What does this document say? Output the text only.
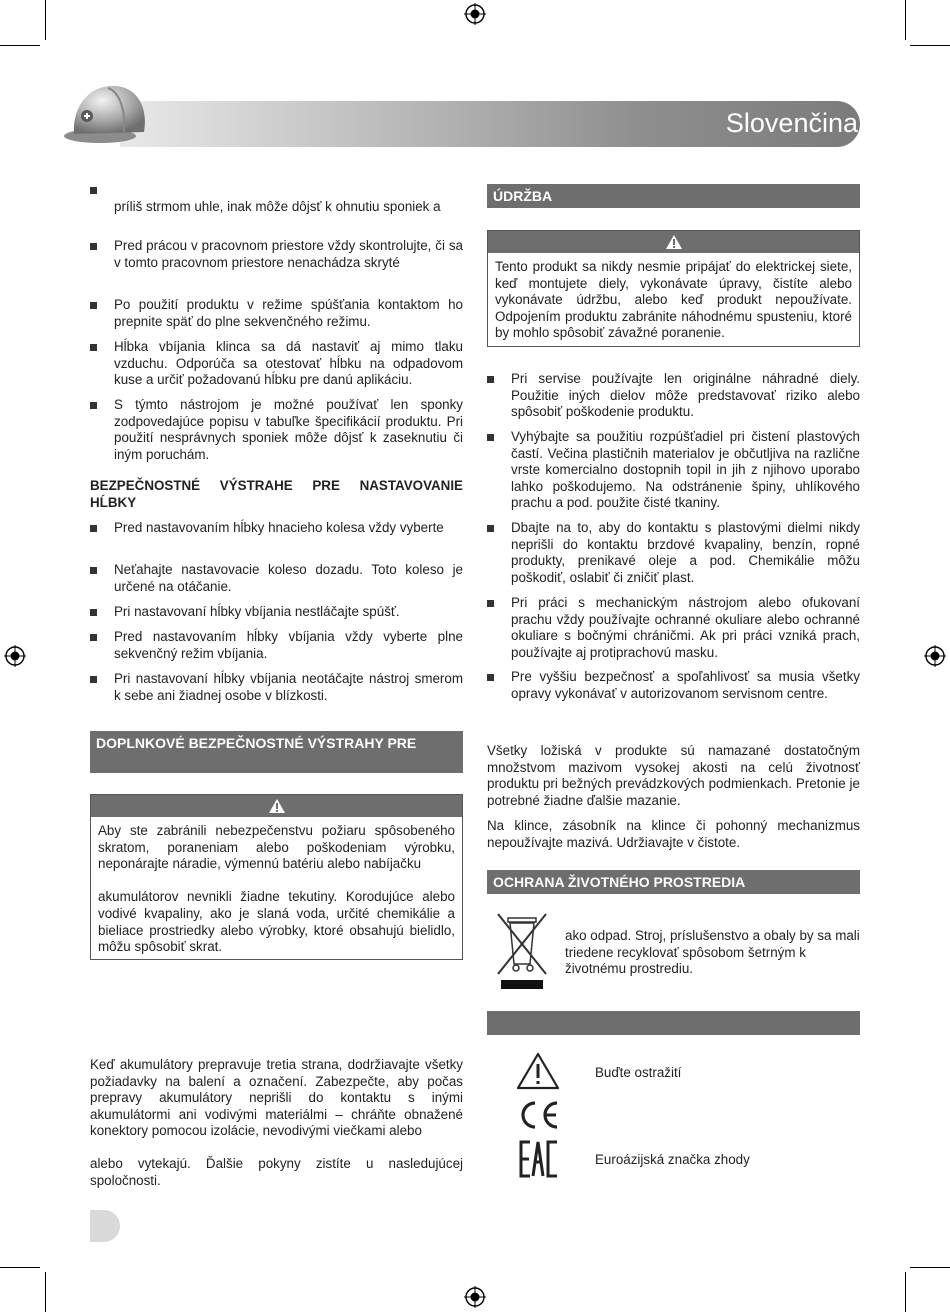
Slovenčina
príliš strmom uhle, inak môže dôjsť k ohnutiu sponiek a
Pred prácou v pracovnom priestore vždy skontrolujte, či sa v tomto pracovnom priestore nenachádza skryté
Po použití produktu v režime spúšťania kontaktom ho prepnite späť do plne sekvenčného režimu.
Hĺbka vbíjania klinca sa dá nastaviť aj mimo tlaku vzduchu. Odporúča sa otestovať hĺbku na odpadovom kuse a určiť požadovanú hĺbku pre danú aplikáciu.
S týmto nástrojom je možné používať len sponky zodpovedajúce popisu v tabuľke špecifikácií produktu. Pri použití nesprávnych sponiek môže dôjsť k zaseknutiu či iným poruchám.
BEZPEČNOSTNÉ VÝSTRAHE PRE NASTAVOVANIE HĹBKY
Pred nastavovaním hĺbky hnacieho kolesa vždy vyberte
Neťahajte nastavovacie koleso dozadu. Toto koleso je určené na otáčanie.
Pri nastavovaní hĺbky vbíjania nestláčajte spúšť.
Pred nastavovaním hĺbky vbíjania vždy vyberte plne sekvenčný režim vbíjania.
Pri nastavovaní hĺbky vbíjania neotáčajte nástroj smerom k sebe ani žiadnej osobe v blízkosti.
DOPLNKOVÉ BEZPEČNOSTNÉ VÝSTRAHY PRE
Aby ste zabránili nebezpečenstvu požiaru spôsobeného skratom, poraneniam alebo poškodeniam výrobku, neponárajte náradie, výmennú batériu alebo nabíjačku
akumulátorov nevnikli žiadne tekutiny. Korodujúce alebo vodivé kvapaliny, ako je slaná voda, určité chemikálie a bieliace prostriedky alebo výrobky, ktoré obsahujú bielidlo, môžu spôsobiť skrat.
Keď akumulátory prepravuje tretia strana, dodržiavajte všetky požiadavky na balení a označení. Zabezpečte, aby počas prepravy akumulátory neprišli do kontaktu s inými akumulátormi ani vodivými materiálmi – chráňte obnažené konektory pomocou izolácie, nevodivými viečkami alebo
alebo vytekajú. Ďalšie pokyny zistíte u nasledujúcej spoločnosti.
ÚDRŽBA
Tento produkt sa nikdy nesmie pripájať do elektrickej siete, keď montujete diely, vykonávate úpravy, čistíte alebo vykonávate údržbu, alebo keď produkt nepoužívate. Odpojením produktu zabránite náhodnému spusteniu, ktoré by mohlo spôsobiť závažné poranenie.
Pri servise používajte len originálne náhradné diely. Použitie iných dielov môže predstavovať riziko alebo spôsobiť poškodenie produktu.
Vyhýbajte sa použitiu rozpúšťadiel pri čistení plastových častí. Večina plastičnih materialov je občutljiva na različne vrste komercialno dostopnih topil in jih z njihovo uporabo lahko poškodujemo. Na odstránenie špiny, uhlíkového prachu a pod. použite čisté tkaniny.
Dbajte na to, aby do kontaktu s plastovými dielmi nikdy neprišli do kontaktu brzdové kvapaliny, benzín, ropné produkty, prenikavé oleje a pod. Chemikálie môžu poškodiť, oslabiť či zničiť plast.
Pri práci s mechanickým nástrojom alebo ofukovaní prachu vždy používajte ochranné okuliare alebo ochranné okuliare s bočnými chráničmi. Ak pri práci vzniká prach, používajte aj protiprachovú masku.
Pre vyššiu bezpečnosť a spoľahlivosť sa musia všetky opravy vykonávať v autorizovanom servisnom centre.
Všetky ložiská v produkte sú namazané dostatočným množstvom mazivom vysokej akosti na celú životnosť produktu pri bežných prevádzkových podmienkach. Pretonie je potrebné žiadne ďalšie mazanie.
Na klince, zásobník na klince či pohonný mechanizmus nepoužívajte mazivá. Udržiavajte v čistote.
OCHRANA ŽIVOTNÉHO PROSTREDIA
ako odpad. Stroj, príslušenstvo a obaly by sa mali triedene recyklovať spôsobom šetrným k životnému prostrediu.
Buďte ostražití
Euroázijská značka zhody
